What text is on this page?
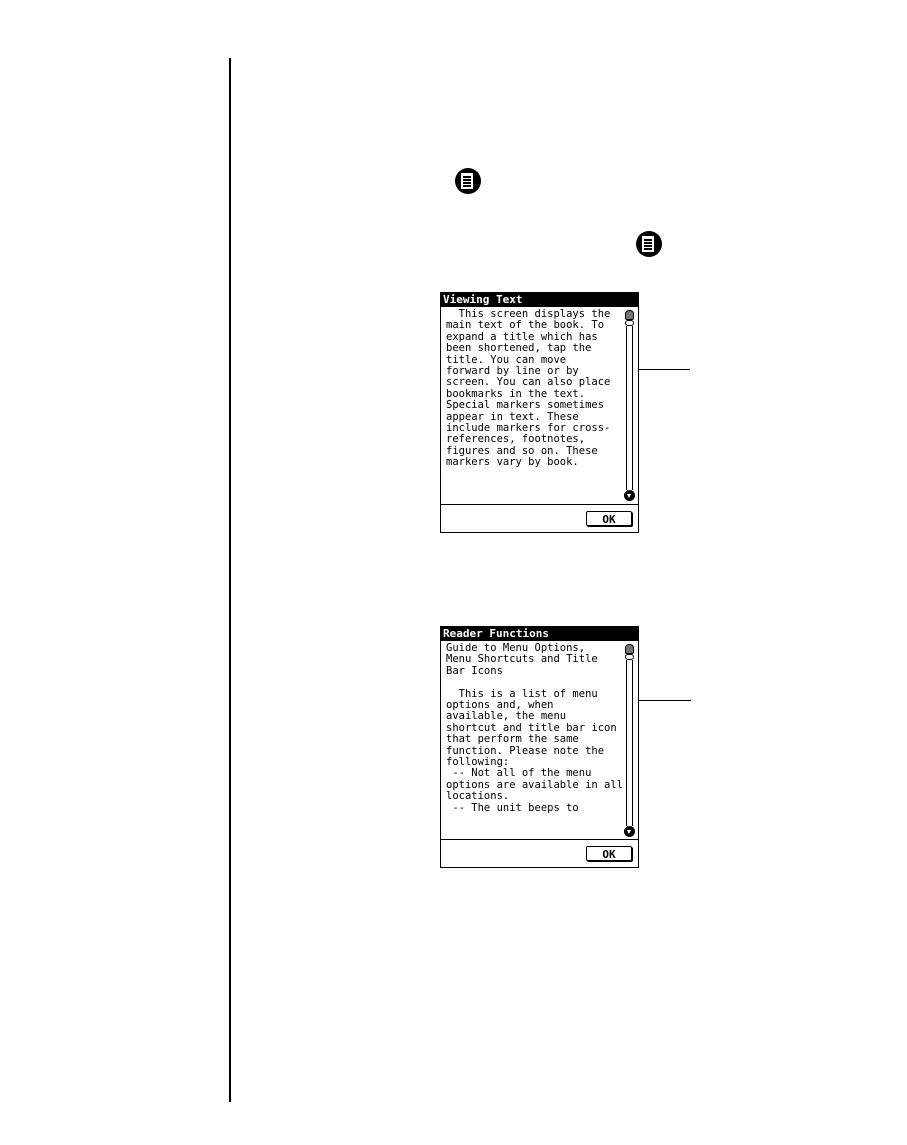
Viewing Text
This screen displays the
main text of the book. To
expand a title which has
been shortened, tap the
title. You can move
forward by line or by
screen. You can also place
bookmarks in the text.
Special markers sometimes
appear in text. These
include markers for cross-
references, footnotes,
figures and so on. These
markers vary by book.
OK
Reader Functions
Guide to Menu Options,
Menu Shortcuts and Title
Bar Icons

This is a list of menu
options and, when
available, the menu
shortcut and title bar icon
that perform the same
function. Please note the
following:
-- Not all of the menu
options are available in all
locations.
-- The unit beeps to
OK
